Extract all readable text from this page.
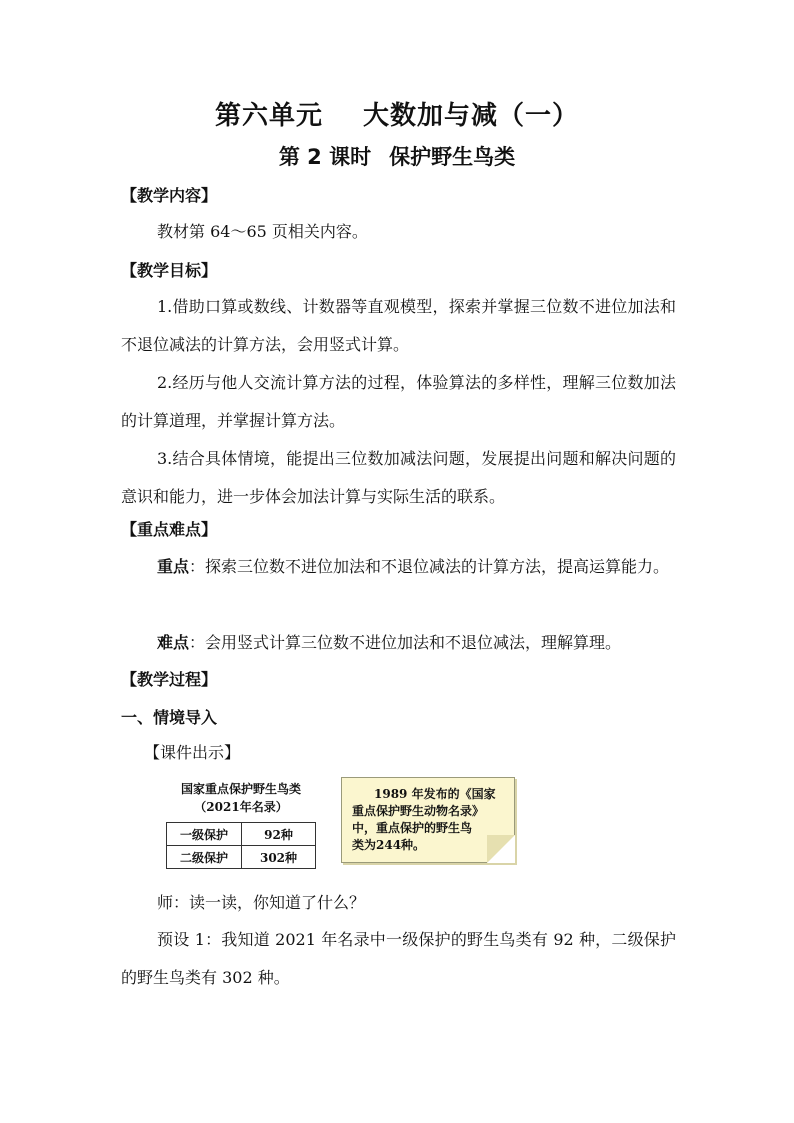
第六单元 大数加与减（一）
第 2 课时 保护野生鸟类
【教学内容】
教材第 64～65 页相关内容。
【教学目标】
1.借助口算或数线、计数器等直观模型，探索并掌握三位数不进位加法和不退位减法的计算方法，会用竖式计算。
2.经历与他人交流计算方法的过程，体验算法的多样性，理解三位数加法的计算道理，并掌握计算方法。
3.结合具体情境，能提出三位数加减法问题，发展提出问题和解决问题的意识和能力，进一步体会加法计算与实际生活的联系。
【重点难点】
重点：探索三位数不进位加法和不退位减法的计算方法，提高运算能力。
难点：会用竖式计算三位数不进位加法和不退位减法，理解算理。
【教学过程】
一、情境导入
【课件出示】
国家重点保护野生鸟类
（2021年名录）
一级保护	92种
二级保护	302种
1989 年发布的《国家
重点保护野生动物名录》
中，重点保护的野生鸟
类为244种。
师：读一读，你知道了什么？
预设 1：我知道 2021 年名录中一级保护的野生鸟类有 92 种，二级保护的野生鸟类有 302 种。
